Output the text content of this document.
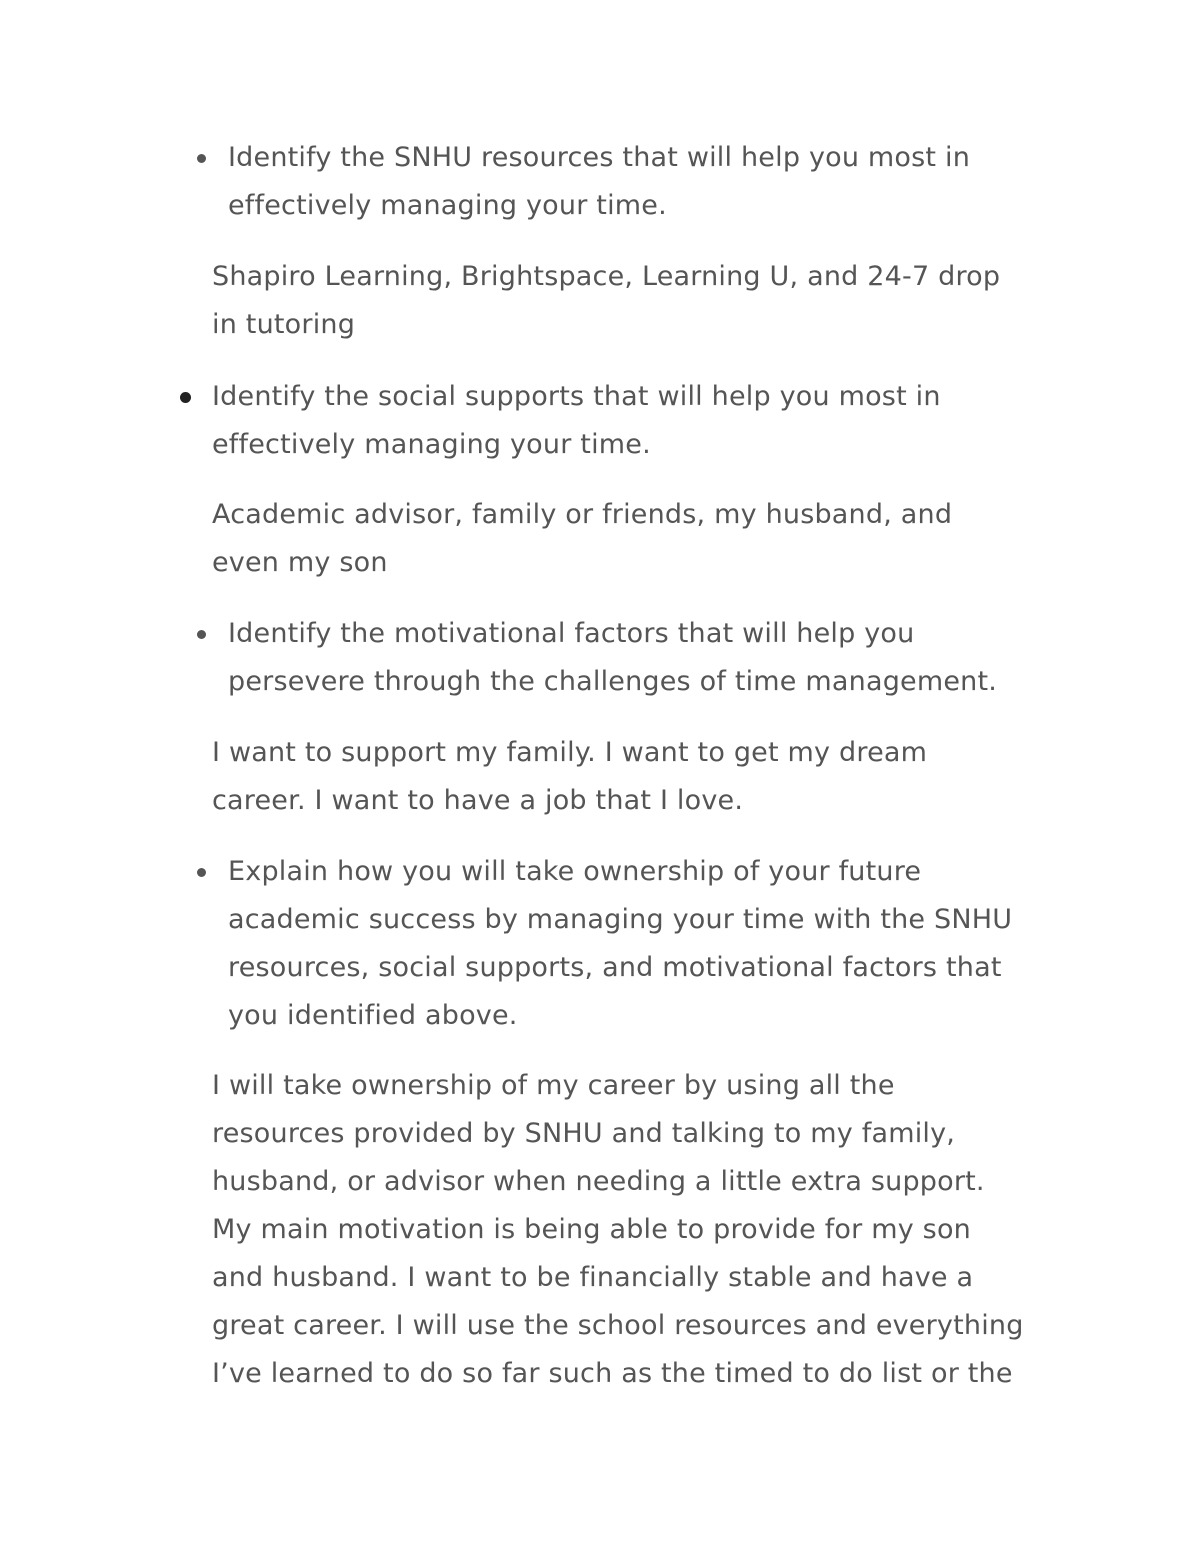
Identify the SNHU resources that will help you most in
effectively managing your time.
Shapiro Learning, Brightspace, Learning U, and 24-7 drop
in tutoring
Identify the social supports that will help you most in
effectively managing your time.
Academic advisor, family or friends, my husband, and
even my son
Identify the motivational factors that will help you
persevere through the challenges of time management.
I want to support my family. I want to get my dream
career. I want to have a job that I love.
Explain how you will take ownership of your future
academic success by managing your time with the SNHU
resources, social supports, and motivational factors that
you identified above.
I will take ownership of my career by using all the
resources provided by SNHU and talking to my family,
husband, or advisor when needing a little extra support.
My main motivation is being able to provide for my son
and husband. I want to be financially stable and have a
great career. I will use the school resources and everything
I’ve learned to do so far such as the timed to do list or the
